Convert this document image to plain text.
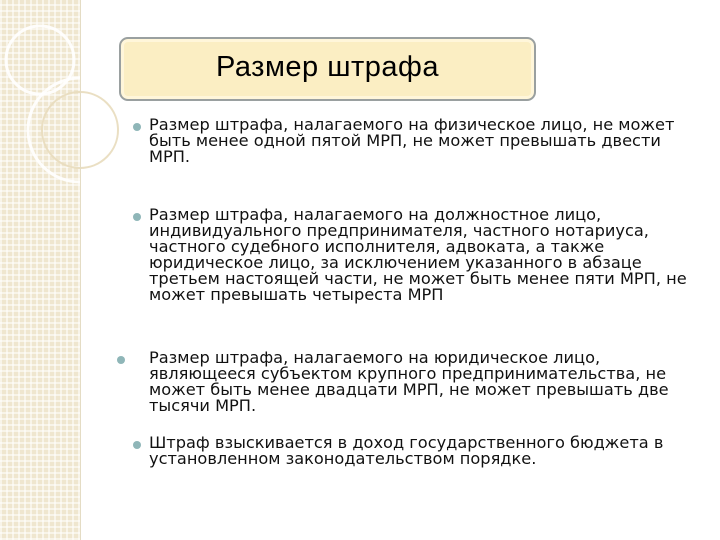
Размер штрафа
Размер штрафа, налагаемого на физическое лицо, не может
быть менее одной пятой МРП, не может превышать двести
МРП.
Размер штрафа, налагаемого на должностное лицо,
индивидуального предпринимателя, частного нотариуса,
частного судебного исполнителя, адвоката, а также
юридическое лицо, за исключением указанного в абзаце
третьем настоящей части, не может быть менее пяти МРП, не
может превышать четыреста МРП
Размер штрафа, налагаемого на юридическое лицо,
являющееся субъектом крупного предпринимательства, не
может быть менее двадцати МРП, не может превышать две
тысячи МРП.
Штраф взыскивается в доход государственного бюджета в
установленном законодательством порядке.
